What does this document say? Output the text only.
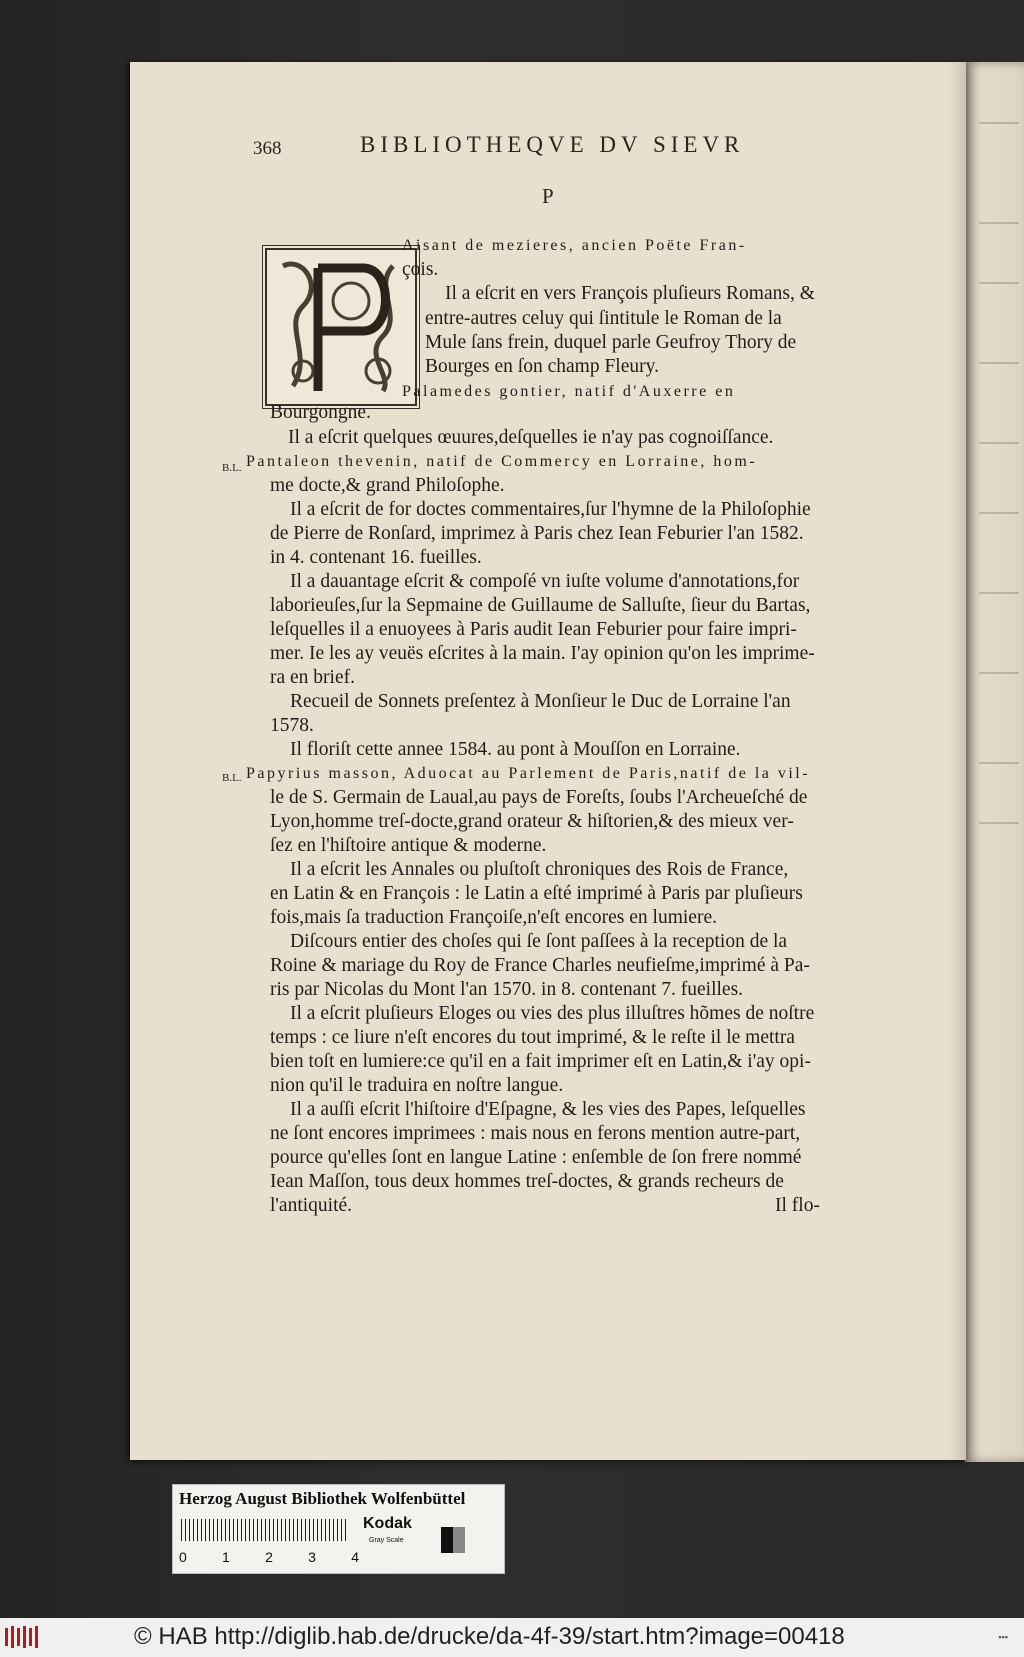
368	BIBLIOTHEQVE DV SIEVR
P
B.L.
B.L.
Aisant de mezieres, ancien Poëte Fran-
çois.
Il a eſcrit en vers François pluſieurs Romans, &
entre-autres celuy qui ſintitule le Roman de la
Mule ſans frein, duquel parle Geufroy Thory de
Bourges en ſon champ Fleury.
Palamedes gontier, natif d'Auxerre en
Bourgongne.
Il a eſcrit quelques œuures,deſquelles ie n'ay pas cognoiſſance.
Pantaleon thevenin, natif de Commercy en Lorraine, hom-
me docte,& grand Philoſophe.
Il a eſcrit de for doctes commentaires,ſur l'hymne de la Philoſophie
de Pierre de Ronſard, imprimez à Paris chez Iean Feburier l'an 1582.
in 4. contenant 16. fueilles.
Il a dauantage eſcrit & compoſé vn iuſte volume d'annotations,for
laborieuſes,ſur la Sepmaine de Guillaume de Salluſte, ſieur du Bartas,
leſquelles il a enuoyees à Paris audit Iean Feburier pour faire impri-
mer. Ie les ay veuës eſcrites à la main. I'ay opinion qu'on les imprime-
ra en brief.
Recueil de Sonnets preſentez à Monſieur le Duc de Lorraine l'an
1578.
Il floriſt cette annee 1584. au pont à Mouſſon en Lorraine.
Papyrius masson, Aduocat au Parlement de Paris,natif de la vil-
le de S. Germain de Laual,au pays de Foreſts, ſoubs l'Archeueſché de
Lyon,homme treſ-docte,grand orateur & hiſtorien,& des mieux ver-
ſez en l'hiſtoire antique & moderne.
Il a eſcrit les Annales ou pluſtoſt chroniques des Rois de France,
en Latin & en François : le Latin a eſté imprimé à Paris par pluſieurs
fois,mais ſa traduction Françoiſe,n'eſt encores en lumiere.
Diſcours entier des choſes qui ſe ſont paſſees à la reception de la
Roine & mariage du Roy de France Charles neufieſme,imprimé à Pa-
ris par Nicolas du Mont l'an 1570. in 8. contenant 7. fueilles.
Il a eſcrit pluſieurs Eloges ou vies des plus illuſtres hõmes de noſtre
temps : ce liure n'eſt encores du tout imprimé, & le reſte il le mettra
bien toſt en lumiere:ce qu'il en a fait imprimer eſt en Latin,& i'ay opi-
nion qu'il le traduira en noſtre langue.
Il a auſſi eſcrit l'hiſtoire d'Eſpagne, & les vies des Papes, leſquelles
ne ſont encores imprimees : mais nous en ferons mention autre-part,
pource qu'elles ſont en langue Latine : enſemble de ſon frere nommé
Iean Maſſon, tous deux hommes treſ-doctes, & grands recheurs de
l'antiquité.	Il flo-
Herzog August Bibliothek Wolfenbüttel
0	1	2	3	4
Kodak
Gray Scale
© HAB http://diglib.hab.de/drucke/da-4f-39/start.htm?image=00418	▪▪▪
